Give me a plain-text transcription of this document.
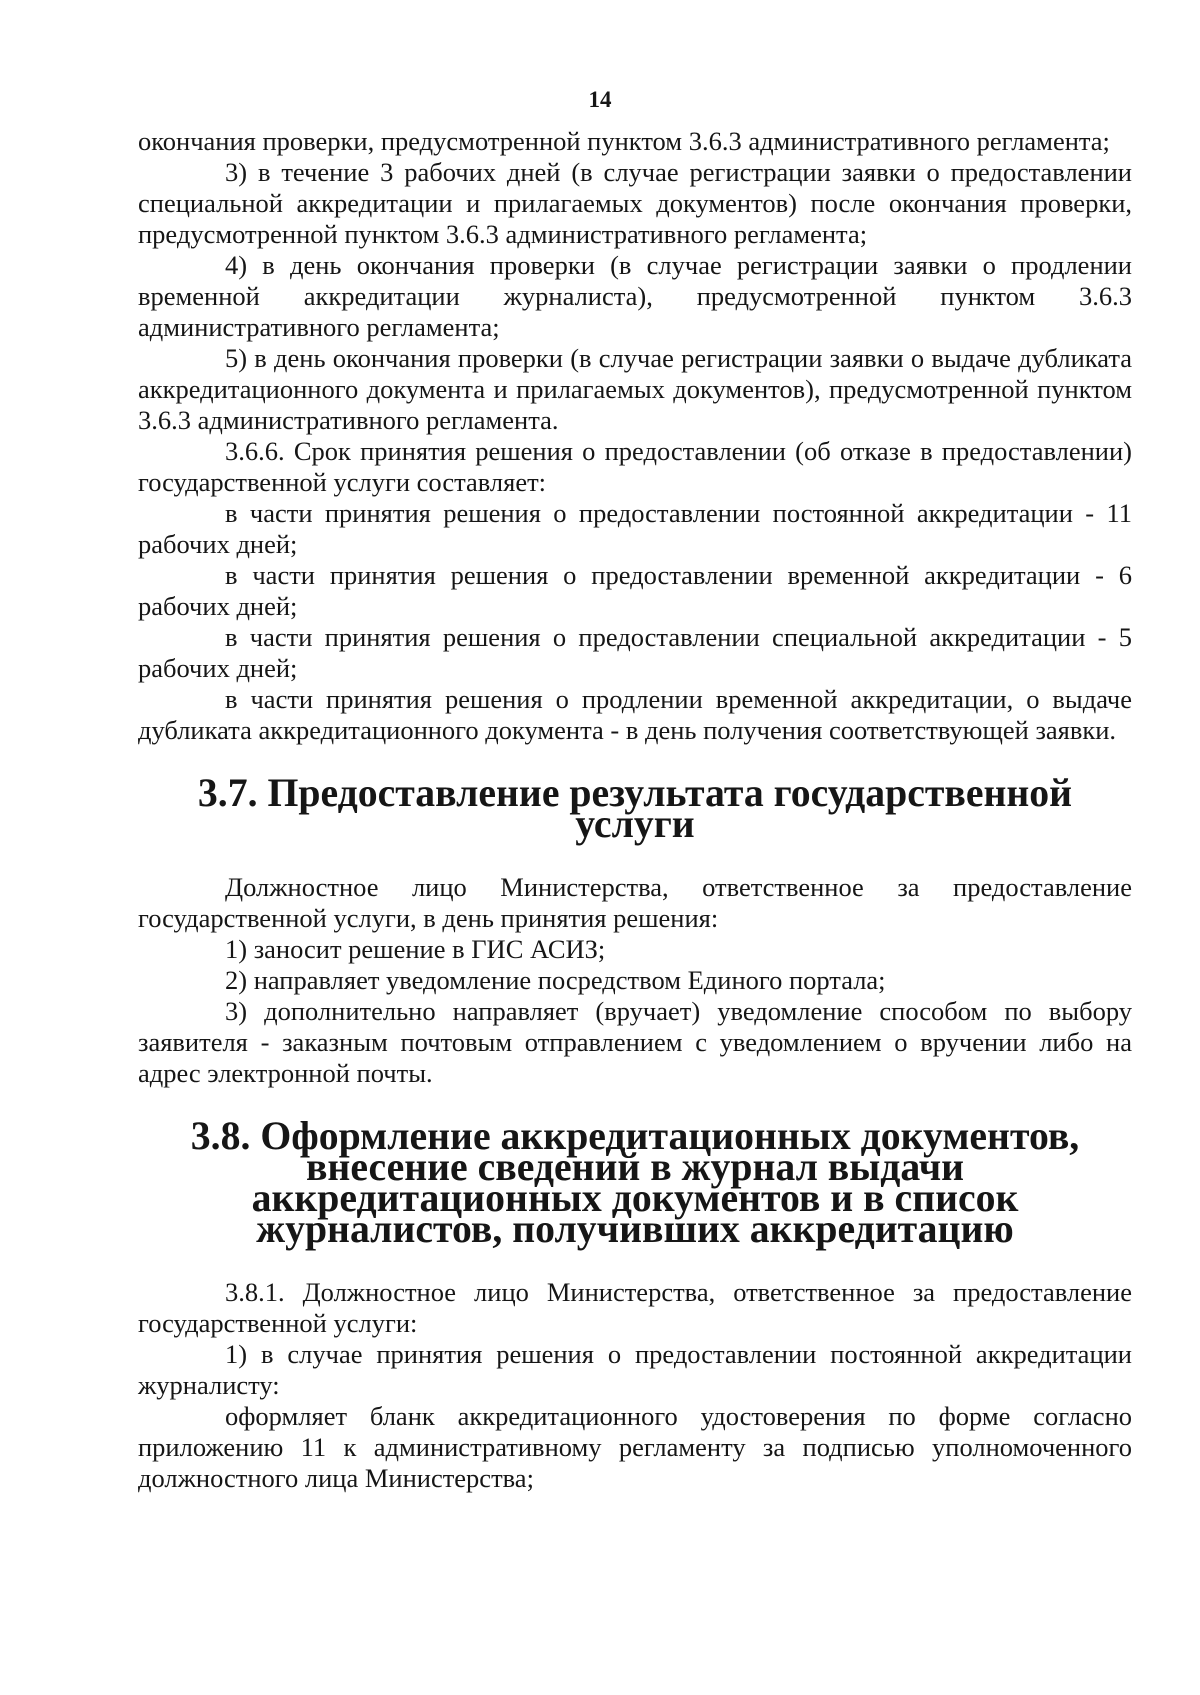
14

окончания проверки, предусмотренной пунктом 3.6.3 административного регламента;

3) в течение 3 рабочих дней (в случае регистрации заявки о предоставлении специальной аккредитации и прилагаемых документов) после окончания проверки, предусмотренной пунктом 3.6.3 административного регламента;

4) в день окончания проверки (в случае регистрации заявки о продлении временной аккредитации журналиста), предусмотренной пунктом 3.6.3 административного регламента;

5) в день окончания проверки (в случае регистрации заявки о выдаче дубликата аккредитационного документа и прилагаемых документов), предусмотренной пунктом 3.6.3 административного регламента.

3.6.6. Срок принятия решения о предоставлении (об отказе в предоставлении) государственной услуги составляет:

в части принятия решения о предоставлении постоянной аккредитации - 11 рабочих дней;

в части принятия решения о предоставлении временной аккредитации - 6 рабочих дней;

в части принятия решения о предоставлении специальной аккредитации - 5 рабочих дней;

в части принятия решения о продлении временной аккредитации, о выдаче дубликата аккредитационного документа - в день получения соответствующей заявки.

3.7. Предоставление результата государственной услуги

Должностное лицо Министерства, ответственное за предоставление государственной услуги, в день принятия решения:

1) заносит решение в ГИС АСИЗ;

2) направляет уведомление посредством Единого портала;

3) дополнительно направляет (вручает) уведомление способом по выбору заявителя - заказным почтовым отправлением с уведомлением о вручении либо на адрес электронной почты.

3.8. Оформление аккредитационных документов, внесение сведений в журнал выдачи аккредитационных документов и в список журналистов, получивших аккредитацию

3.8.1. Должностное лицо Министерства, ответственное за предоставление государственной услуги:

1) в случае принятия решения о предоставлении постоянной аккредитации журналисту:

оформляет бланк аккредитационного удостоверения по форме согласно приложению 11 к административному регламенту за подписью уполномоченного должностного лица Министерства;
